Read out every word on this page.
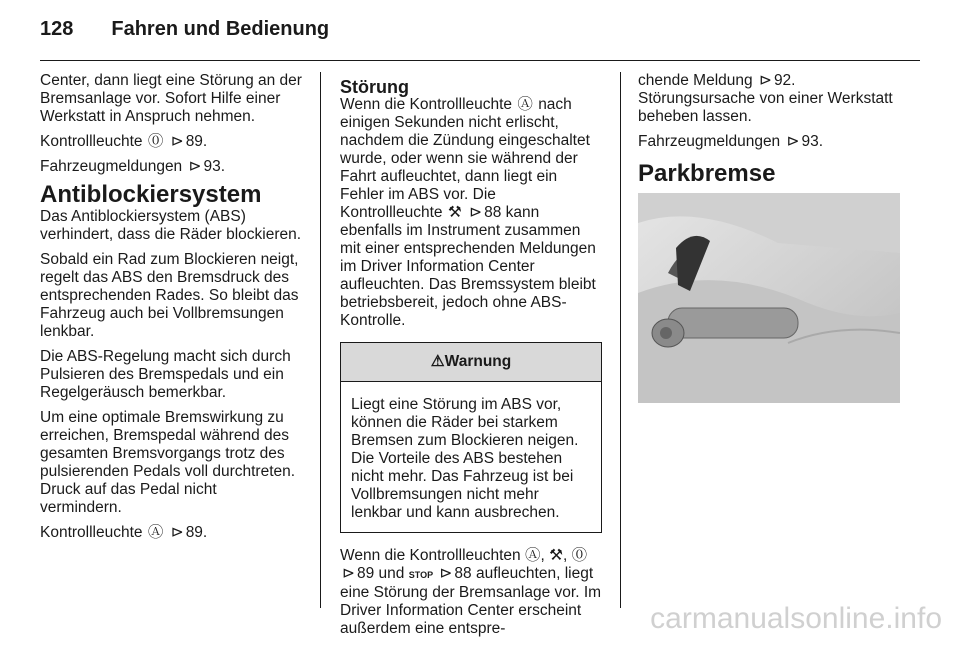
128 Fahren und Bedienung

Center, dann liegt eine Störung an der Bremsanlage vor. Sofort Hilfe einer Werkstatt in Anspruch nehmen.

Kontrollleuchte ⓪ ⊳ 89.

Fahrzeugmeldungen ⊳ 93.

Antiblockiersystem

Das Antiblockiersystem (ABS) verhindert, dass die Räder blockieren.

Sobald ein Rad zum Blockieren neigt, regelt das ABS den Bremsdruck des entsprechenden Rades. So bleibt das Fahrzeug auch bei Vollbremsungen lenkbar.

Die ABS-Regelung macht sich durch Pulsieren des Bremspedals und ein Regelgeräusch bemerkbar.

Um eine optimale Bremswirkung zu erreichen, Bremspedal während des gesamten Bremsvorgangs trotz des pulsierenden Pedals voll durchtreten. Druck auf das Pedal nicht vermindern.

Kontrollleuchte Ⓐ ⊳ 89.

Störung

Wenn die Kontrollleuchte Ⓐ nach einigen Sekunden nicht erlischt, nachdem die Zündung eingeschaltet wurde, oder wenn sie während der Fahrt aufleuchtet, dann liegt ein Fehler im ABS vor. Die Kontrollleuchte ⚒ ⊳ 88 kann ebenfalls im Instrument zusammen mit einer entsprechenden Meldungen im Driver Information Center aufleuchten. Das Bremssystem bleibt betriebsbereit, jedoch ohne ABS-Kontrolle.

⚠Warnung
Liegt eine Störung im ABS vor, können die Räder bei starkem Bremsen zum Blockieren neigen. Die Vorteile des ABS bestehen nicht mehr. Das Fahrzeug ist bei Vollbremsungen nicht mehr lenkbar und kann ausbrechen.

Wenn die Kontrollleuchten Ⓐ, ⚒, ⓪ ⊳ 89 und STOP ⊳ 88 aufleuchten, liegt eine Störung der Bremsanlage vor. Im Driver Information Center erscheint außerdem eine entspre-

chende Meldung ⊳ 92. Störungsursache von einer Werkstatt beheben lassen.

Fahrzeugmeldungen ⊳ 93.

Parkbremse
carmanualsonline.info
